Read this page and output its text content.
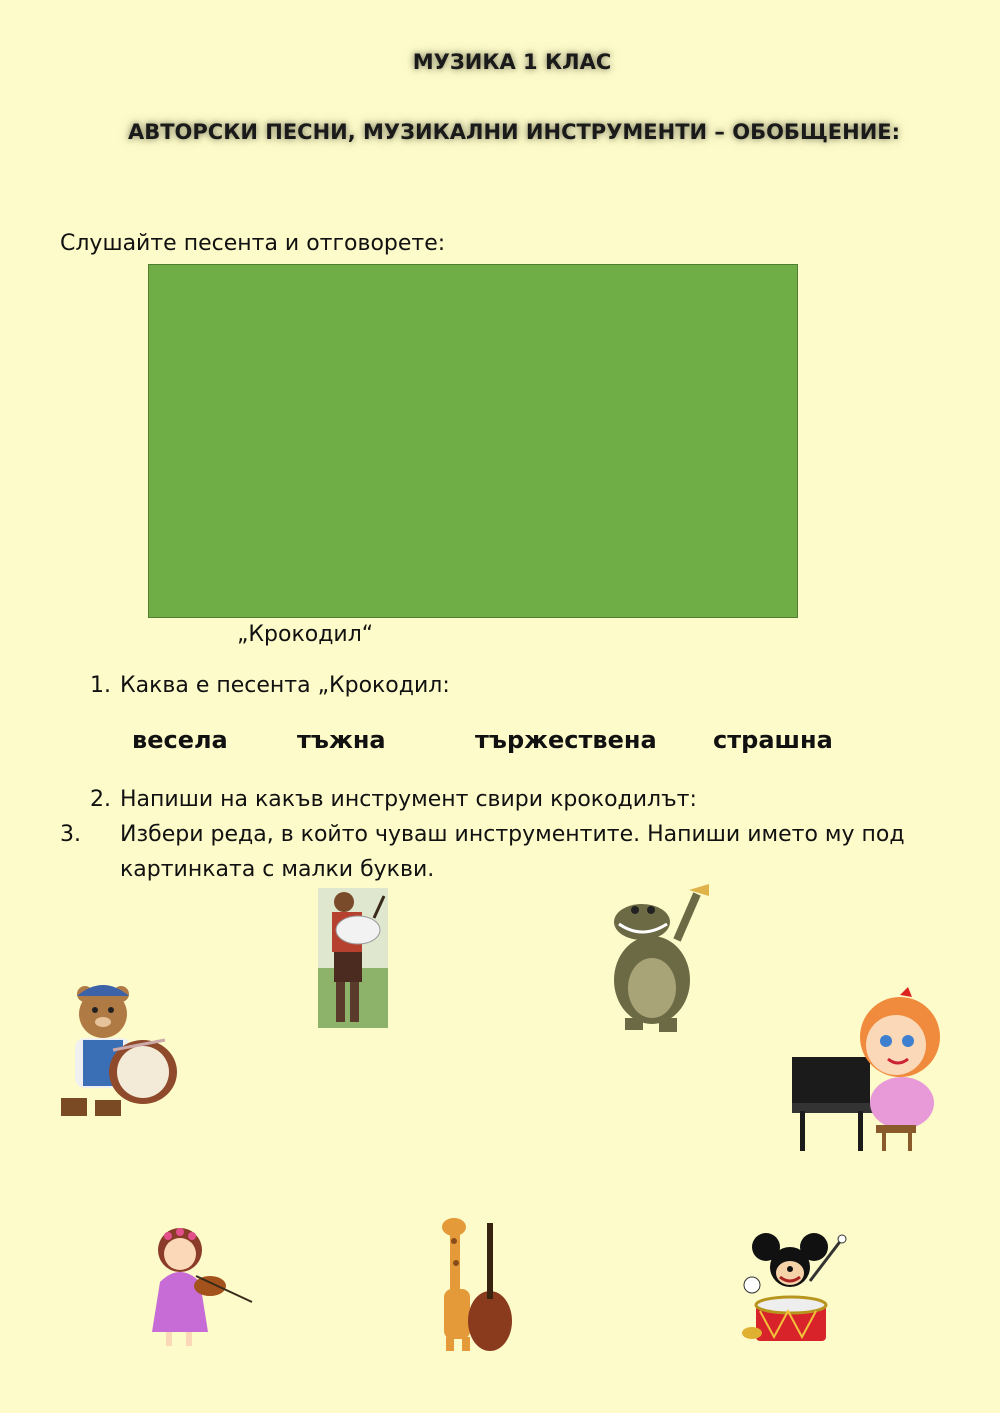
МУЗИКА 1 КЛАС
АВТОРСКИ ПЕСНИ, МУЗИКАЛНИ ИНСТРУМЕНТИ – ОБОБЩЕНИЕ:
Слушайте песента и отговорете:
„Крокодил“
1. Каква е песента „Крокодил:
весела	тъжна	тържествена страшна
2. Напиши на какъв инструмент свири крокодилът:
3. Избери реда, в който чуваш инструментите. Напиши името му под картинката с малки букви.
